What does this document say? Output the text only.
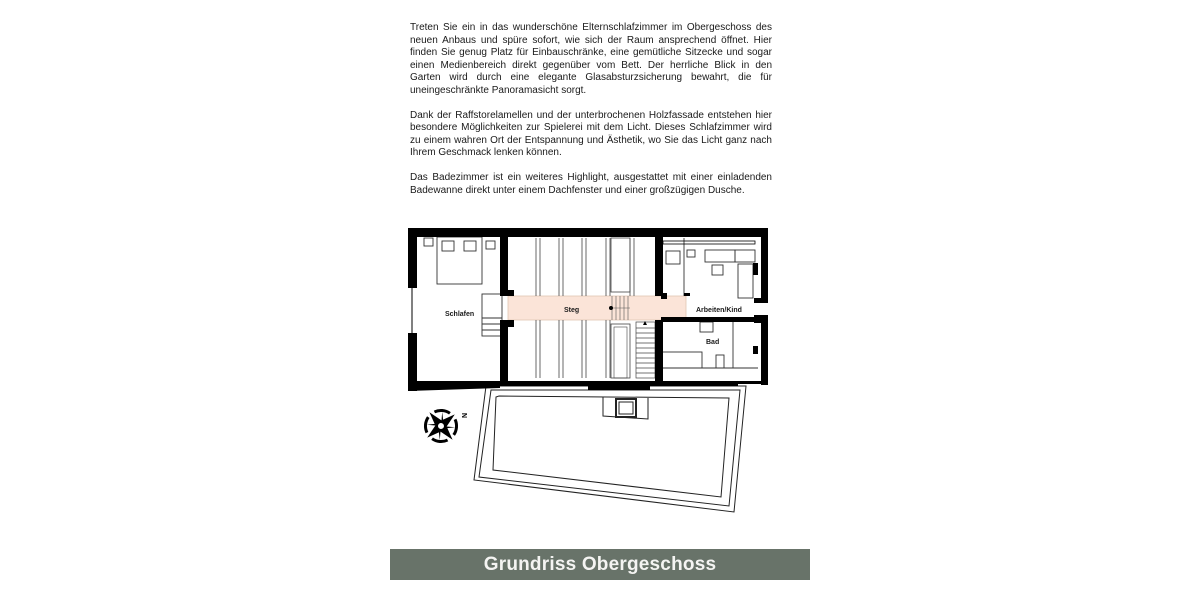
Treten Sie ein in das wunderschöne Elternschlafzimmer im Obergeschoss des neuen Anbaus und spüre sofort, wie sich der Raum ansprechend öffnet. Hier finden Sie genug Platz für Einbauschränke, eine gemütliche Sitzecke und sogar einen Medienbereich direkt gegenüber vom Bett. Der herrliche Blick in den Garten wird durch eine elegante Glasabsturzsicherung bewahrt, die für uneingeschränkte Panoramasicht sorgt.

Dank der Raffstorelamellen und der unterbrochenen Holzfassade entstehen hier besondere Möglichkeiten zur Spielerei mit dem Licht. Dieses Schlafzimmer wird zu einem wahren Ort der Entspannung und Ästhetik, wo Sie das Licht ganz nach Ihrem Geschmack lenken können.

Das Badezimmer ist ein weiteres Highlight, ausgestattet mit einer einladenden Badewanne direkt unter einem Dachfenster und einer großzügigen Dusche.

Schlafen
Steg	Arbeiten/Kind
Bad
N
Grundriss Obergeschoss
